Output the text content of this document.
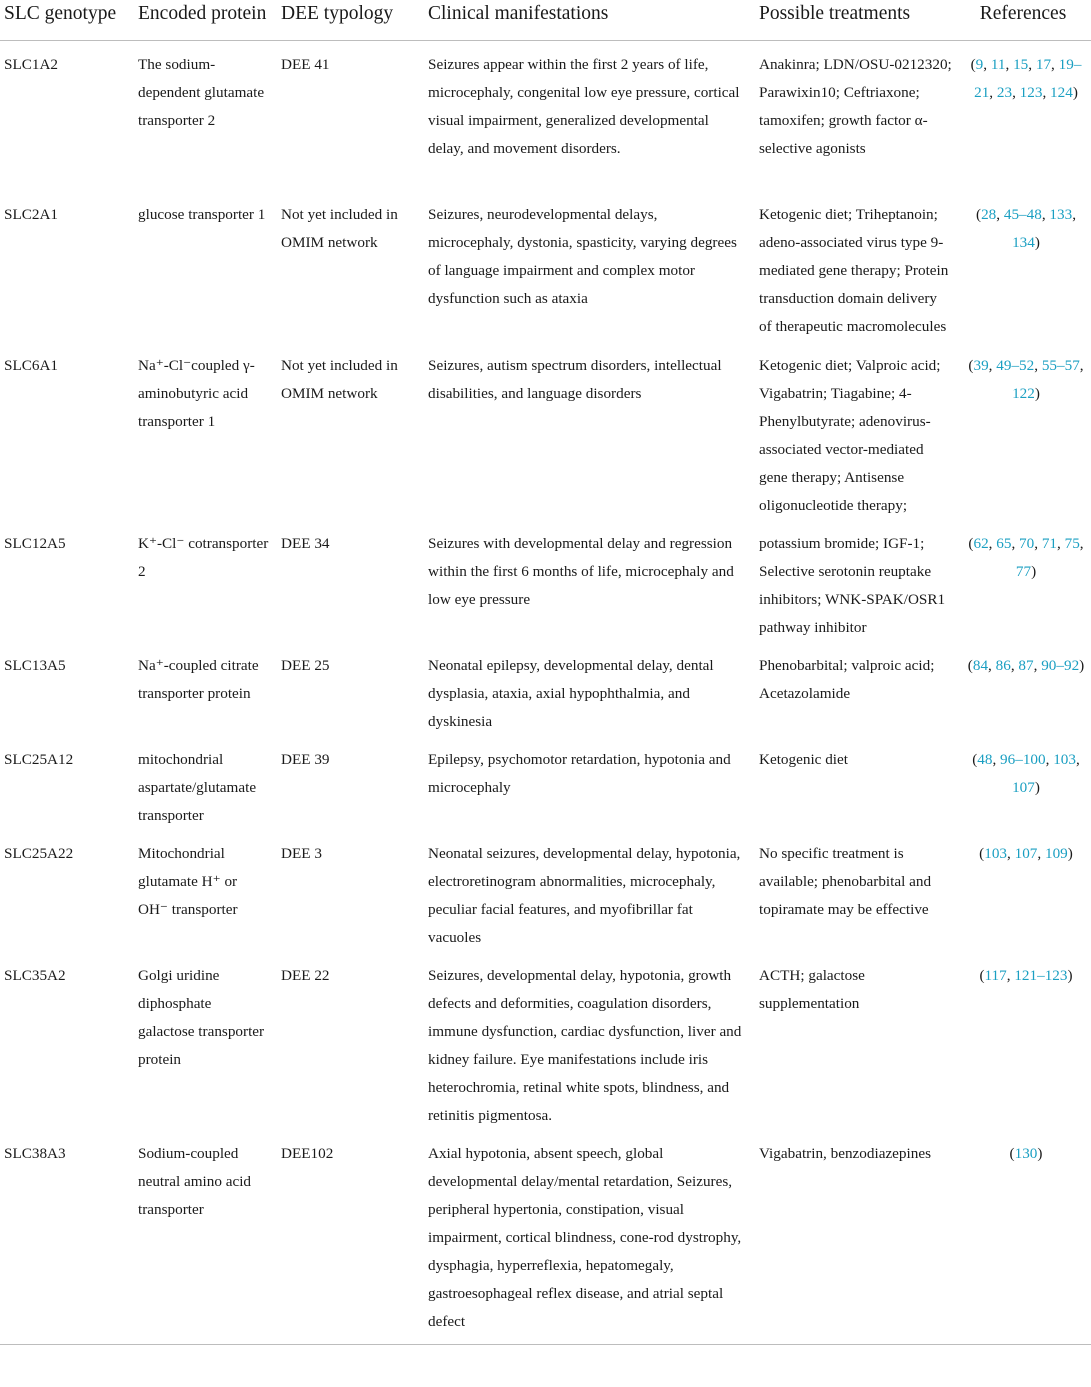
SLC genotype	Encoded protein	DEE typology	Clinical manifestations	Possible treatments	References
SLC1A2	The sodium-dependent glutamate transporter 2	DEE 41	Seizures appear within the first 2 years of life, microcephaly, congenital low eye pressure, cortical visual impairment, generalized developmental delay, and movement disorders.	Anakinra; LDN/OSU-0212320; Parawixin10; Ceftriaxone; tamoxifen; growth factor α-selective agonists	(9, 11, 15, 17, 19–21, 23, 123, 124)
SLC2A1	glucose transporter 1	Not yet included in OMIM network	Seizures, neurodevelopmental delays, microcephaly, dystonia, spasticity, varying degrees of language impairment and complex motor dysfunction such as ataxia	Ketogenic diet; Triheptanoin; adeno-associated virus type 9-mediated gene therapy; Protein transduction domain delivery of therapeutic macromolecules	(28, 45–48, 133, 134)
SLC6A1	Na⁺-Cl⁻coupled γ-aminobutyric acid transporter 1	Not yet included in OMIM network	Seizures, autism spectrum disorders, intellectual disabilities, and language disorders	Ketogenic diet; Valproic acid; Vigabatrin; Tiagabine; 4-Phenylbutyrate; adenovirus-associated vector-mediated gene therapy; Antisense oligonucleotide therapy;	(39, 49–52, 55–57, 122)
SLC12A5	K⁺-Cl⁻ cotransporter 2	DEE 34	Seizures with developmental delay and regression within the first 6 months of life, microcephaly and low eye pressure	potassium bromide; IGF-1; Selective serotonin reuptake inhibitors; WNK-SPAK/OSR1 pathway inhibitor	(62, 65, 70, 71, 75, 77)
SLC13A5	Na⁺-coupled citrate transporter protein	DEE 25	Neonatal epilepsy, developmental delay, dental dysplasia, ataxia, axial hypophthalmia, and dyskinesia	Phenobarbital; valproic acid; Acetazolamide	(84, 86, 87, 90–92)
SLC25A12	mitochondrial aspartate/glutamate transporter	DEE 39	Epilepsy, psychomotor retardation, hypotonia and microcephaly	Ketogenic diet	(48, 96–100, 103, 107)
SLC25A22	Mitochondrial glutamate H⁺ or OH⁻ transporter	DEE 3	Neonatal seizures, developmental delay, hypotonia, electroretinogram abnormalities, microcephaly, peculiar facial features, and myofibrillar fat vacuoles	No specific treatment is available; phenobarbital and topiramate may be effective	(103, 107, 109)
SLC35A2	Golgi uridine diphosphate galactose transporter protein	DEE 22	Seizures, developmental delay, hypotonia, growth defects and deformities, coagulation disorders, immune dysfunction, cardiac dysfunction, liver and kidney failure. Eye manifestations include iris heterochromia, retinal white spots, blindness, and retinitis pigmentosa.	ACTH; galactose supplementation	(117, 121–123)
SLC38A3	Sodium-coupled neutral amino acid transporter	DEE102	Axial hypotonia, absent speech, global developmental delay/mental retardation, Seizures, peripheral hypertonia, constipation, visual impairment, cortical blindness, cone-rod dystrophy, dysphagia, hyperreflexia, hepatomegaly, gastroesophageal reflex disease, and atrial septal defect	Vigabatrin, benzodiazepines	(130)
